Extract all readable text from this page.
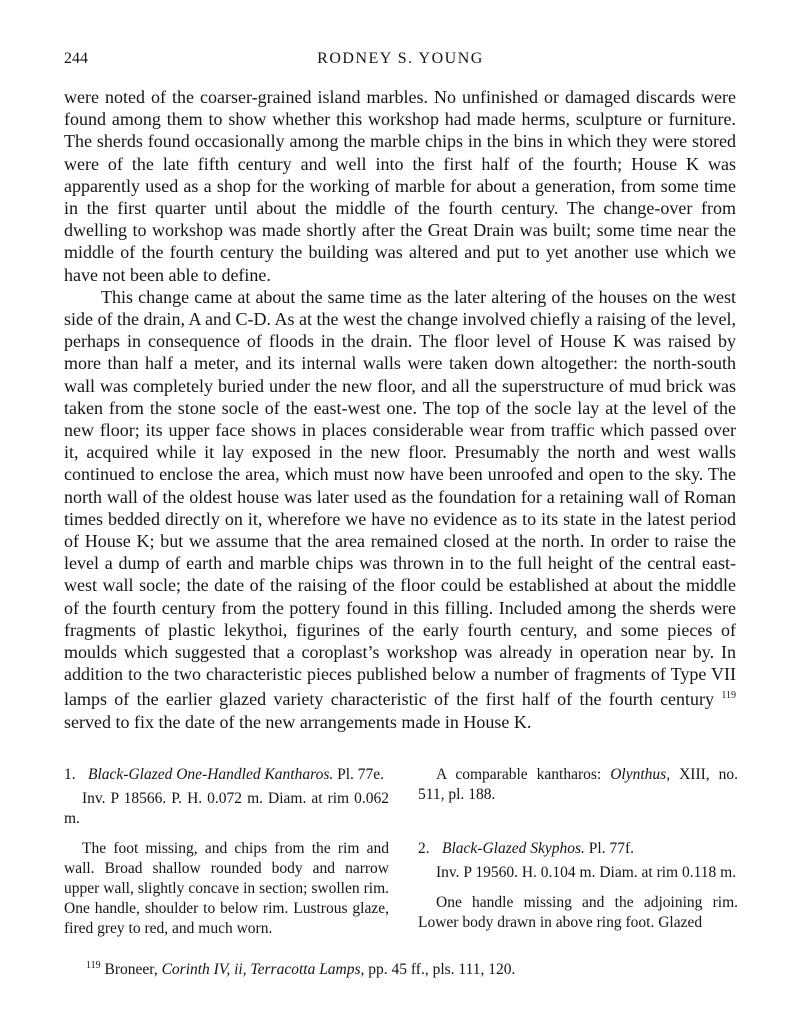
244	RODNEY S. YOUNG

were noted of the coarser-grained island marbles. No unfinished or damaged discards were found among them to show whether this workshop had made herms, sculpture or furniture. The sherds found occasionally among the marble chips in the bins in which they were stored were of the late fifth century and well into the first half of the fourth; House K was apparently used as a shop for the working of marble for about a generation, from some time in the first quarter until about the middle of the fourth century. The change-over from dwelling to workshop was made shortly after the Great Drain was built; some time near the middle of the fourth century the building was altered and put to yet another use which we have not been able to define.

This change came at about the same time as the later altering of the houses on the west side of the drain, A and C-D. As at the west the change involved chiefly a raising of the level, perhaps in consequence of floods in the drain. The floor level of House K was raised by more than half a meter, and its internal walls were taken down altogether: the north-south wall was completely buried under the new floor, and all the superstructure of mud brick was taken from the stone socle of the east-west one. The top of the socle lay at the level of the new floor; its upper face shows in places considerable wear from traffic which passed over it, acquired while it lay exposed in the new floor. Presumably the north and west walls continued to enclose the area, which must now have been unroofed and open to the sky. The north wall of the oldest house was later used as the foundation for a retaining wall of Roman times bedded directly on it, wherefore we have no evidence as to its state in the latest period of House K; but we assume that the area remained closed at the north. In order to raise the level a dump of earth and marble chips was thrown in to the full height of the central east-west wall socle; the date of the raising of the floor could be established at about the middle of the fourth century from the pottery found in this filling. Included among the sherds were fragments of plastic lekythoi, figurines of the early fourth century, and some pieces of moulds which suggested that a coroplast’s workshop was already in operation near by. In addition to the two characteristic pieces published below a number of fragments of Type VII lamps of the earlier glazed variety characteristic of the first half of the fourth century $^{119}$ served to fix the date of the new arrangements made in House K.

1. Black-Glazed One-Handled Kantharos. Pl. 77e.

Inv. P 18566. P. H. 0.072 m. Diam. at rim 0.062 m.

The foot missing, and chips from the rim and wall. Broad shallow rounded body and narrow upper wall, slightly concave in section; swollen rim. One handle, shoulder to below rim. Lustrous glaze, fired grey to red, and much worn.

A comparable kantharos: Olynthus, XIII, no. 511, pl. 188.

2. Black-Glazed Skyphos. Pl. 77f.

Inv. P 19560. H. 0.104 m. Diam. at rim 0.118 m.

One handle missing and the adjoining rim. Lower body drawn in above ring foot. Glazed

$^{119}$ Broneer, Corinth IV, ii, Terracotta Lamps, pp. 45 ff., pls. 111, 120.
